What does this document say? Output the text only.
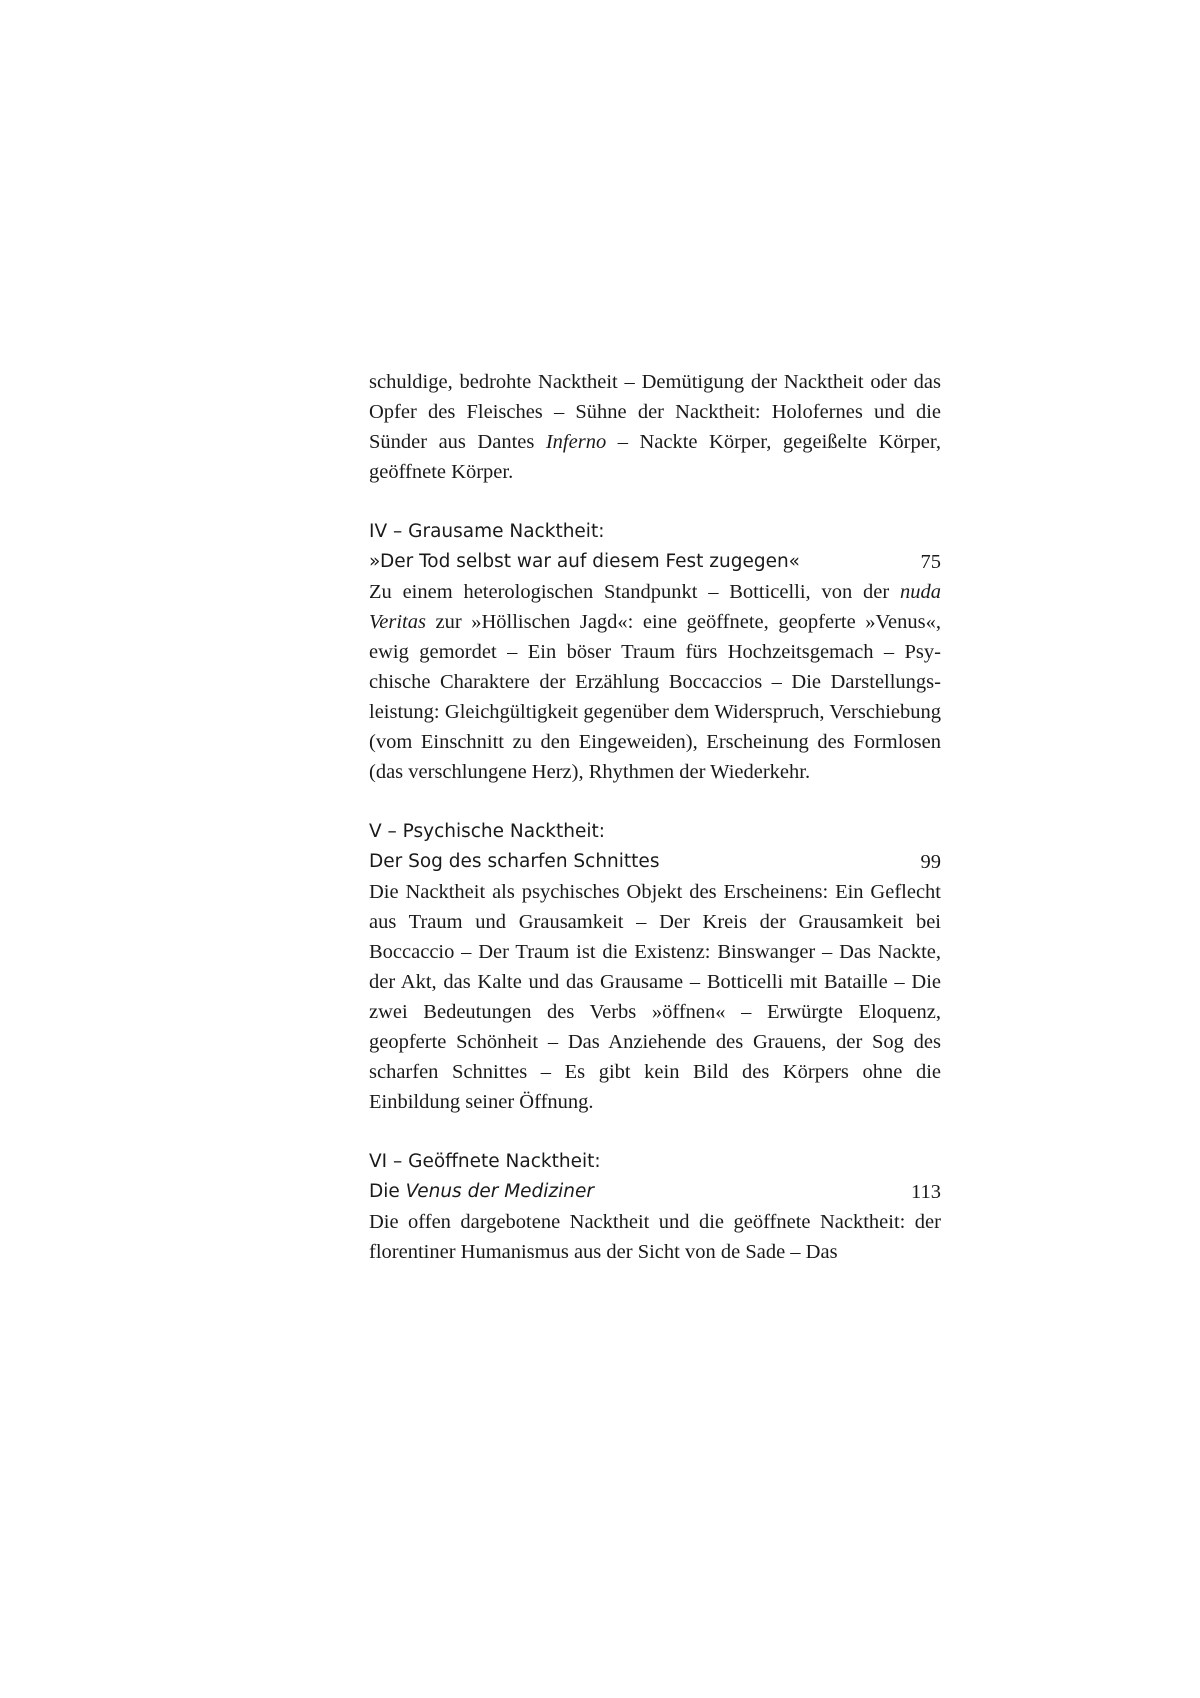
schuldige, bedrohte Nacktheit – Demütigung der Nacktheit oder das Opfer des Fleisches – Sühne der Nacktheit: Holofernes und die Sünder aus Dantes Inferno – Nackte Körper, gegeißelte Körper, geöffnete Körper.

IV – Grausame Nacktheit:

»Der Tod selbst war auf diesem Fest zugegen«	75

Zu einem heterologischen Standpunkt – Botticelli, von der nuda Veritas zur »Höllischen Jagd«: eine geöffnete, geopferte »Venus«, ewig gemordet – Ein böser Traum fürs Hochzeitsgemach – Psychische Charaktere der Erzählung Boccaccios – Die Darstellungsleistung: Gleichgültigkeit gegenüber dem Widerspruch, Verschiebung (vom Einschnitt zu den Eingeweiden), Erscheinung des Formlosen (das verschlungene Herz), Rhythmen der Wiederkehr.

V – Psychische Nacktheit:

Der Sog des scharfen Schnittes	99

Die Nacktheit als psychisches Objekt des Erscheinens: Ein Geflecht aus Traum und Grausamkeit – Der Kreis der Grausamkeit bei Boccaccio – Der Traum ist die Existenz: Binswanger – Das Nackte, der Akt, das Kalte und das Grausame – Botticelli mit Bataille – Die zwei Bedeutungen des Verbs »öffnen« – Erwürgte Eloquenz, geopferte Schönheit – Das Anziehende des Grauens, der Sog des scharfen Schnittes – Es gibt kein Bild des Körpers ohne die Einbildung seiner Öffnung.

VI – Geöffnete Nacktheit:

Die Venus der Mediziner	113

Die offen dargebotene Nacktheit und die geöffnete Nacktheit: der florentiner Humanismus aus der Sicht von de Sade – Das
